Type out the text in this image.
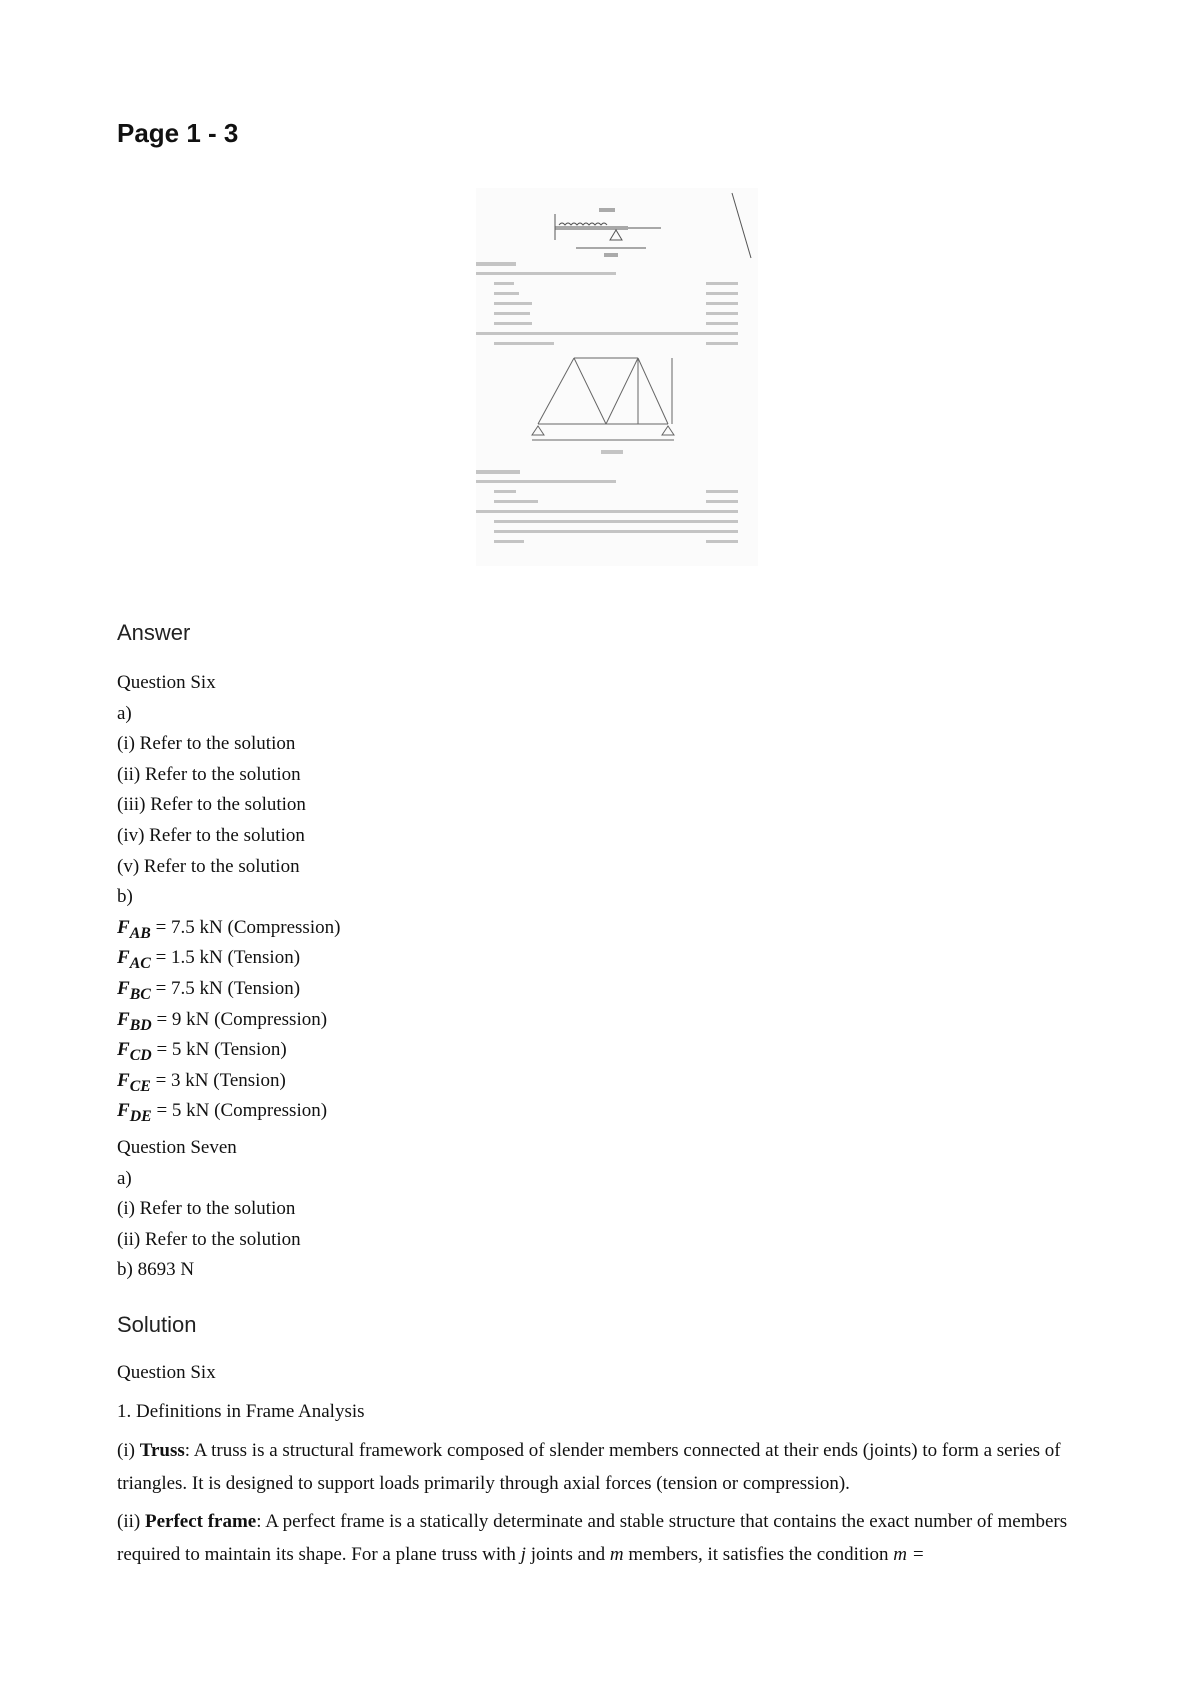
Page 1 - 3
Answer
Question Six
a)
(i) Refer to the solution
(ii) Refer to the solution
(iii) Refer to the solution
(iv) Refer to the solution
(v) Refer to the solution
b)
$F_{AB} = 7.5$ kN (Compression)
$F_{AC} = 1.5$ kN (Tension)
$F_{BC} = 7.5$ kN (Tension)
$F_{BD} = 9$ kN (Compression)
$F_{CD} = 5$ kN (Tension)
$F_{CE} = 3$ kN (Tension)
$F_{DE} = 5$ kN (Compression)
Question Seven
a)
(i) Refer to the solution
(ii) Refer to the solution
b) 8693 N
Solution
Question Six
1. Definitions in Frame Analysis
(i) Truss: A truss is a structural framework composed of slender members connected at their ends (joints) to form a series of triangles. It is designed to support loads primarily through axial forces (tension or compression).
(ii) Perfect frame: A perfect frame is a statically determinate and stable structure that contains the exact number of members required to maintain its shape. For a plane truss with j joints and m members, it satisfies the condition m =
